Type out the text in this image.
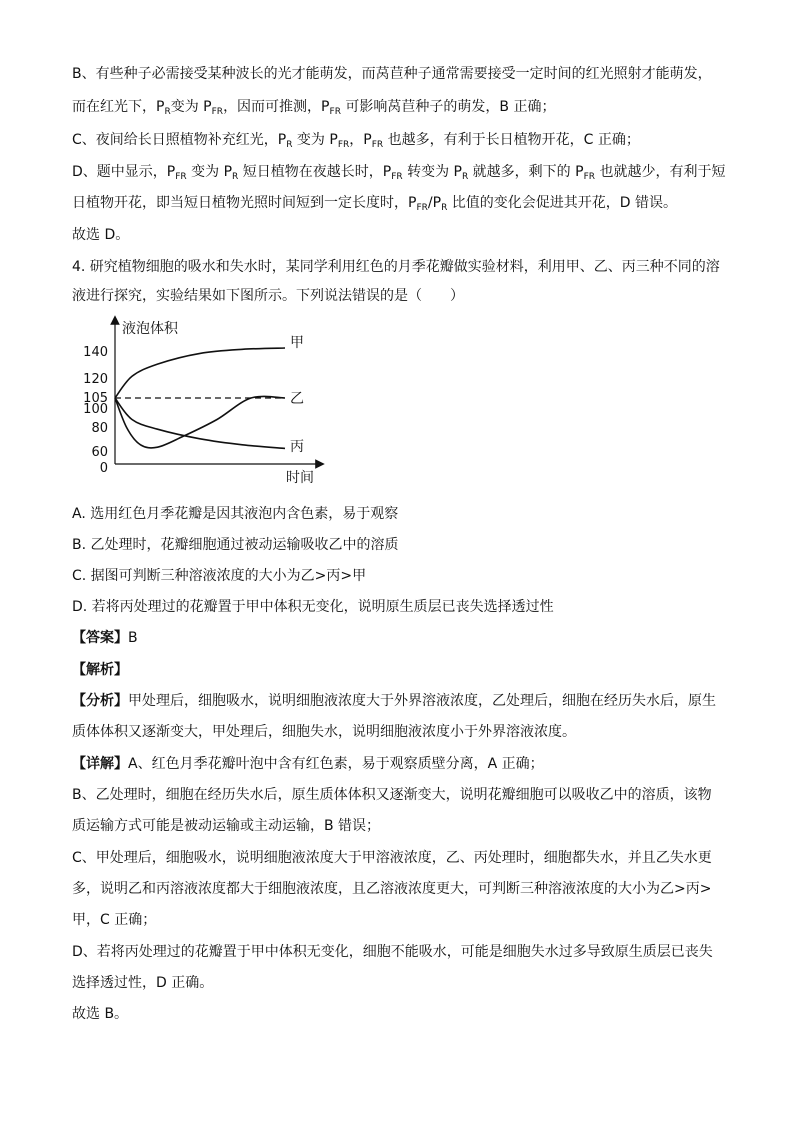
B、有些种子必需接受某种波长的光才能萌发，而莴苣种子通常需要接受一定时间的红光照射才能萌发，
而在红光下，$P_R$变为 $P_{FR}$，因而可推测，$P_{FR}$ 可影响莴苣种子的萌发，B 正确；
C、夜间给长日照植物补充红光，$P_R$ 变为 $P_{FR}$，$P_{FR}$ 也越多，有利于长日植物开花，C 正确；
D、题中显示，$P_{FR}$ 变为 $P_R$ 短日植物在夜越长时，$P_{FR}$ 转变为 $P_R$ 就越多，剩下的 $P_{FR}$ 也就越少，有利于短
日植物开花，即当短日植物光照时间短到一定长度时，$P_{FR}/P_R$ 比值的变化会促进其开花，D 错误。
故选 D。
4. 研究植物细胞的吸水和失水时，某同学利用红色的月季花瓣做实验材料，利用甲、乙、丙三种不同的溶
液进行探究，实验结果如下图所示。下列说法错误的是（　　）
液泡体积
时间
140
120
105
100
80
60
0
甲
乙
丙
A. 选用红色月季花瓣是因其液泡内含色素，易于观察
B. 乙处理时，花瓣细胞通过被动运输吸收乙中的溶质
C. 据图可判断三种溶液浓度的大小为乙>丙>甲
D. 若将丙处理过的花瓣置于甲中体积无变化，说明原生质层已丧失选择透过性
【答案】B
【解析】
【分析】甲处理后，细胞吸水，说明细胞液浓度大于外界溶液浓度，乙处理后，细胞在经历失水后，原生
质体体积又逐渐变大，甲处理后，细胞失水，说明细胞液浓度小于外界溶液浓度。
【详解】A、红色月季花瓣叶泡中含有红色素，易于观察质壁分离，A 正确；
B、乙处理时，细胞在经历失水后，原生质体体积又逐渐变大，说明花瓣细胞可以吸收乙中的溶质，该物
质运输方式可能是被动运输或主动运输，B 错误；
C、甲处理后，细胞吸水，说明细胞液浓度大于甲溶液浓度，乙、丙处理时，细胞都失水，并且乙失水更
多，说明乙和丙溶液浓度都大于细胞液浓度，且乙溶液浓度更大，可判断三种溶液浓度的大小为乙>丙>
甲，C 正确；
D、若将丙处理过的花瓣置于甲中体积无变化，细胞不能吸水，可能是细胞失水过多导致原生质层已丧失
选择透过性，D 正确。
故选 B。
